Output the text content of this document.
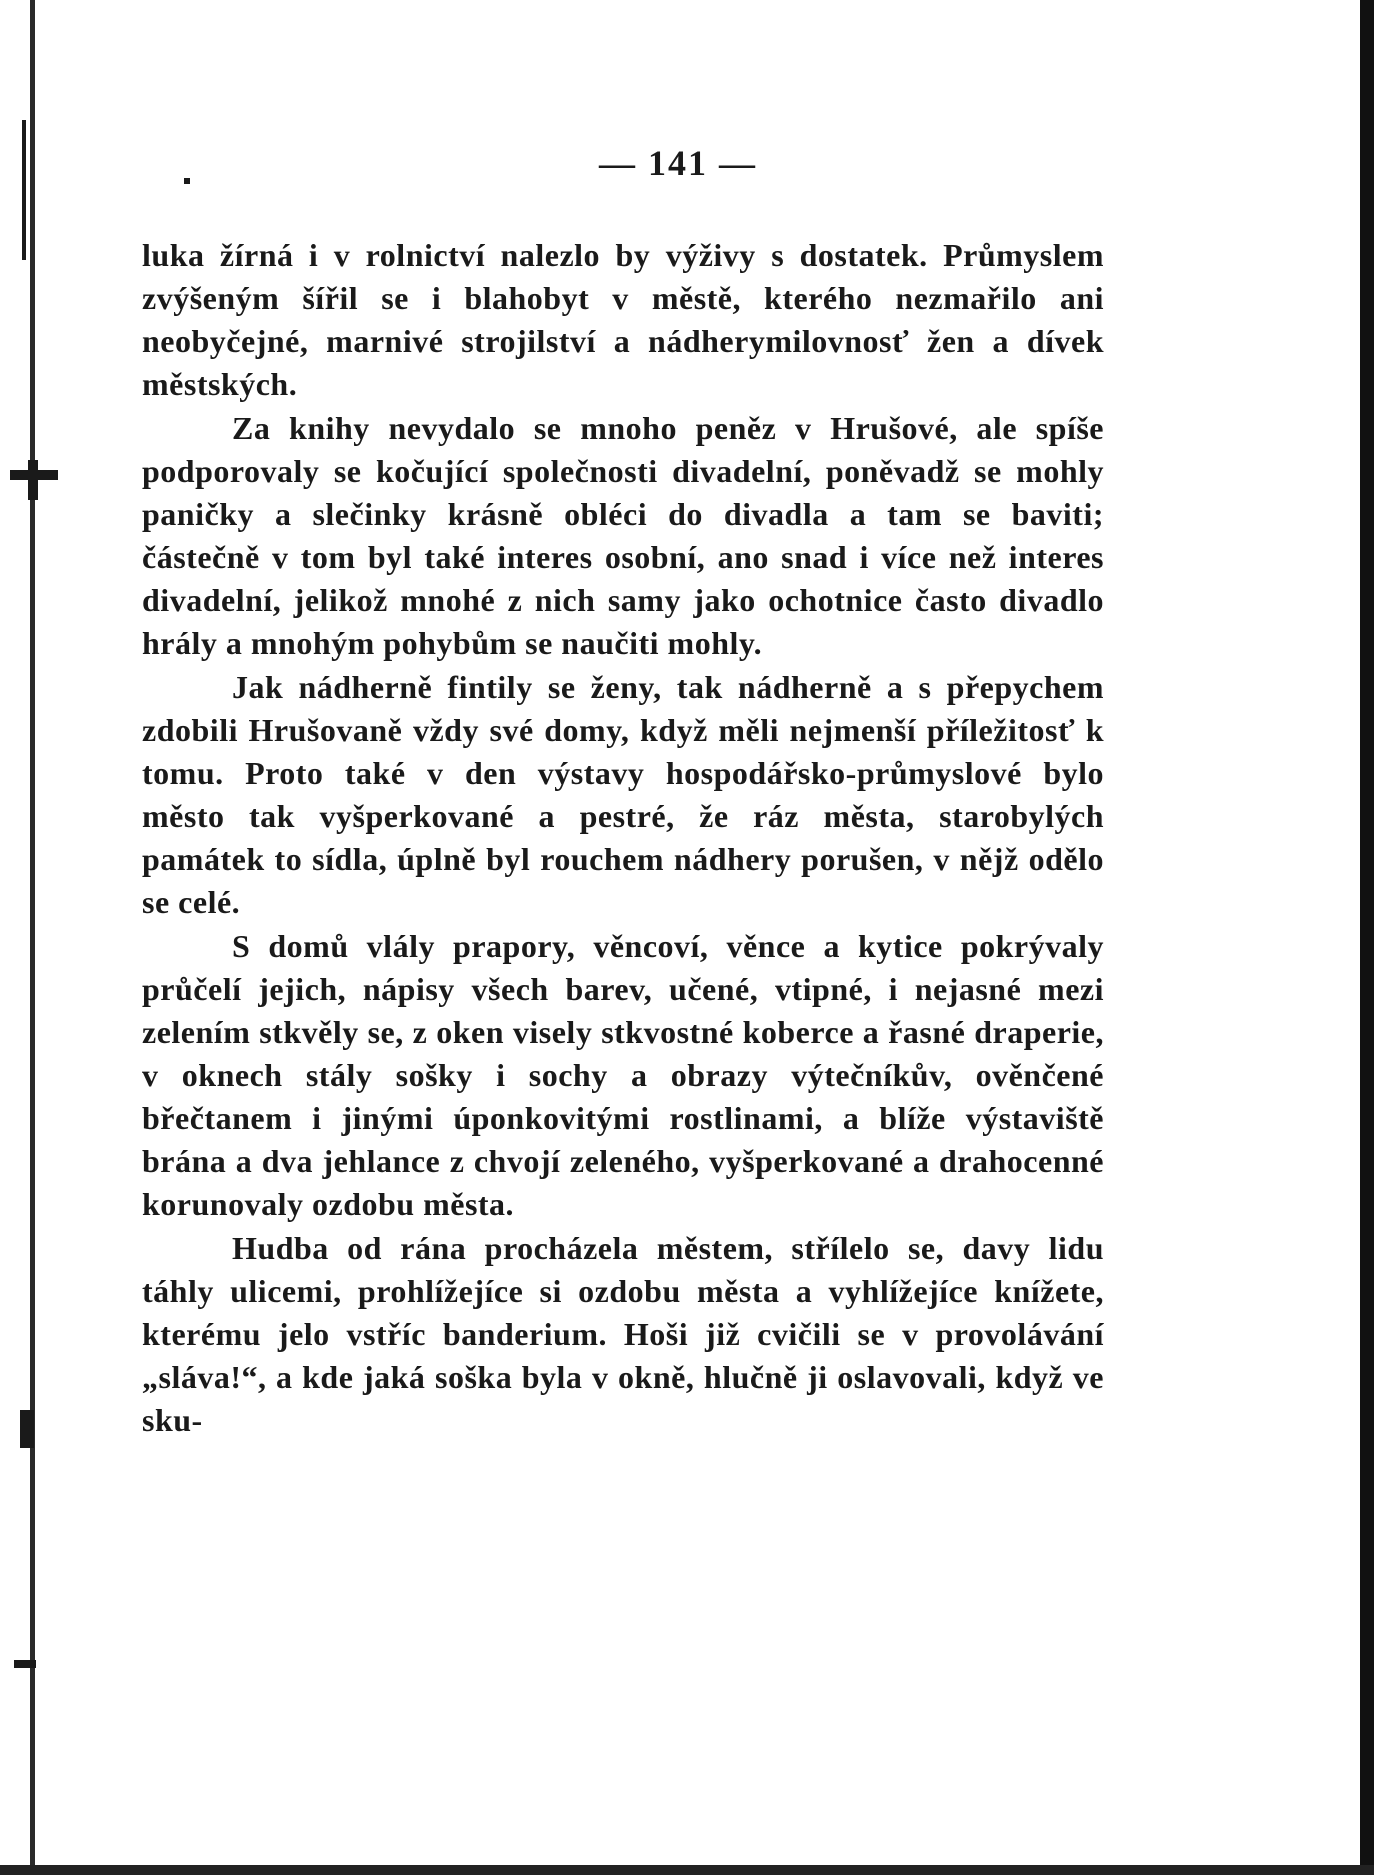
— 141 —

luka žírná i v rolnictví nalezlo by výživy s dostatek. Průmyslem zvýšeným šířil se i blahobyt v městě, kterého nezmařilo ani neobyčejné, marnivé strojilství a nádherymilovnosť žen a dívek městských.

Za knihy nevydalo se mnoho peněz v Hrušové, ale spíše podporovaly se kočující společnosti divadelní, poněvadž se mohly paničky a slečinky krásně obléci do divadla a tam se baviti; částečně v tom byl také interes osobní, ano snad i více než interes divadelní, jelikož mnohé z nich samy jako ochotnice často divadlo hrály a mnohým pohybům se naučiti mohly.

Jak nádherně fintily se ženy, tak nádherně a s přepychem zdobili Hrušovaně vždy své domy, když měli nejmenší příležitosť k tomu. Proto také v den výstavy hospodářsko-průmyslové bylo město tak vyšperkované a pestré, že ráz města, starobylých památek to sídla, úplně byl rouchem nádhery porušen, v nějž odělo se celé.

S domů vlály prapory, věncoví, věnce a kytice pokrývaly průčelí jejich, nápisy všech barev, učené, vtipné, i nejasné mezi zelením stkvěly se, z oken visely stkvostné koberce a řasné draperie, v oknech stály sošky i sochy a obrazy výtečníkův, ověnčené břečtanem i jinými úponkovitými rostlinami, a blíže výstaviště brána a dva jehlance z chvojí zeleného, vyšperkované a drahocenné korunovaly ozdobu města.

Hudba od rána procházela městem, střílelo se, davy lidu táhly ulicemi, prohlížejíce si ozdobu města a vyhlížejíce knížete, kterému jelo vstříc banderium. Hoši již cvičili se v provolávání „sláva!“, a kde jaká soška byla v okně, hlučně ji oslavovali, když ve sku-
